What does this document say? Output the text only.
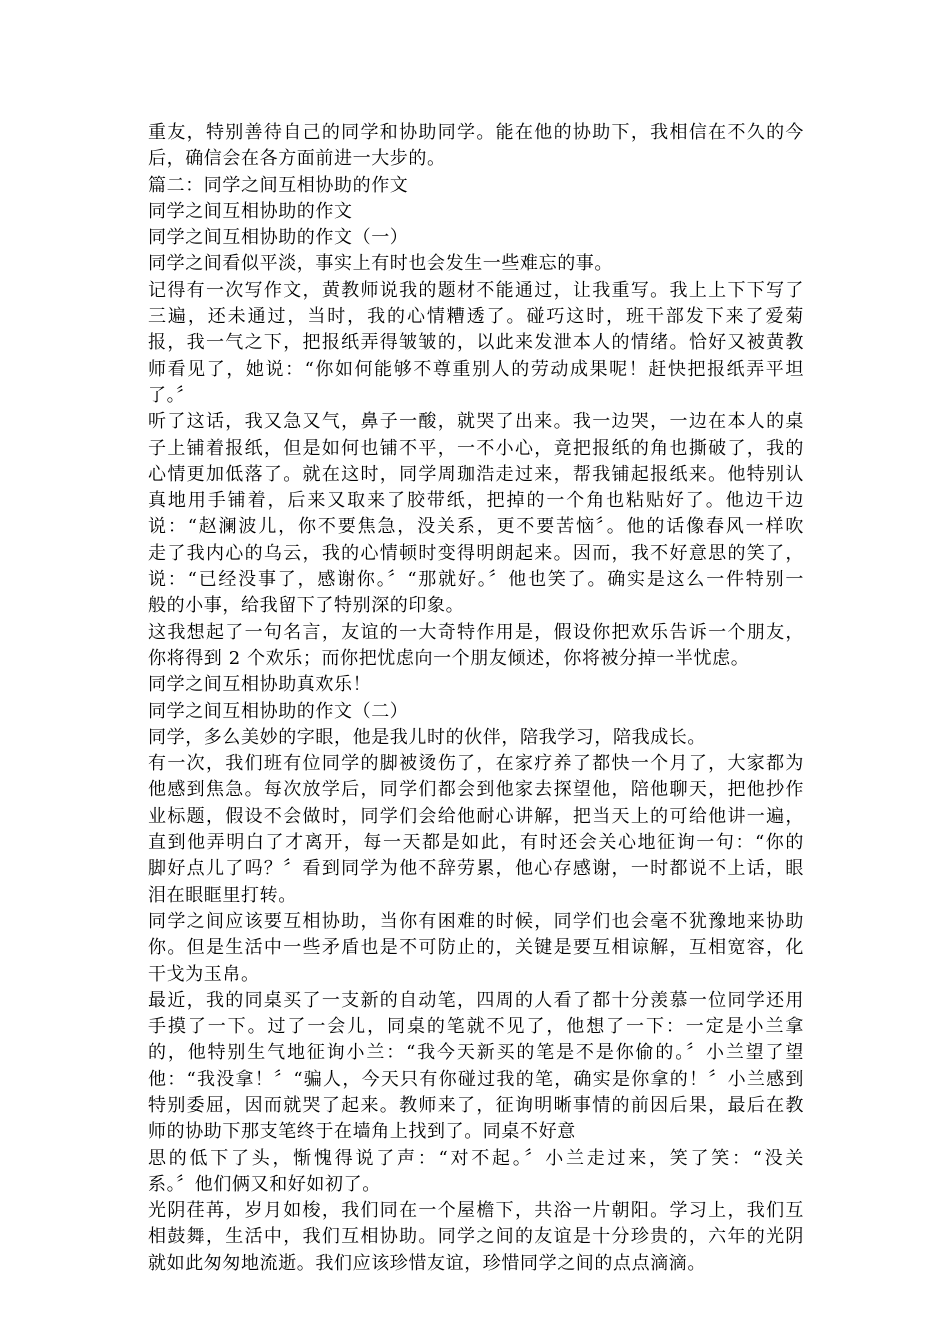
重友，特别善待自己的同学和协助同学。能在他的协助下，我相信在不久的今
后，确信会在各方面前进一大步的。
篇二：同学之间互相协助的作文
同学之间互相协助的作文
同学之间互相协助的作文（一）
同学之间看似平淡，事实上有时也会发生一些难忘的事。
记得有一次写作文，黄教师说我的题材不能通过，让我重写。我上上下下写了
三遍，还未通过，当时，我的心情糟透了。碰巧这时，班干部发下来了爱菊
报，我一气之下，把报纸弄得皱皱的，以此来发泄本人的情绪。恰好又被黄教
师看见了，她说：“你如何能够不尊重别人的劳动成果呢！赶快把报纸弄平坦
了。〞
听了这话，我又急又气，鼻子一酸，就哭了出来。我一边哭，一边在本人的桌
子上铺着报纸，但是如何也铺不平，一不小心，竟把报纸的角也撕破了，我的
心情更加低落了。就在这时，同学周珈浩走过来，帮我铺起报纸来。他特别认
真地用手铺着，后来又取来了胶带纸，把掉的一个角也粘贴好了。他边干边
说：“赵澜波儿，你不要焦急，没关系，更不要苦恼〞。他的话像春风一样吹
走了我内心的乌云，我的心情顿时变得明朗起来。因而，我不好意思的笑了，
说：“已经没事了，感谢你。〞“那就好。〞他也笑了。确实是这么一件特别一
般的小事，给我留下了特别深的印象。
这我想起了一句名言，友谊的一大奇特作用是，假设你把欢乐告诉一个朋友，
你将得到 2 个欢乐；而你把忧虑向一个朋友倾述，你将被分掉一半忧虑。
同学之间互相协助真欢乐！
同学之间互相协助的作文（二）
同学，多么美妙的字眼，他是我儿时的伙伴，陪我学习，陪我成长。
有一次，我们班有位同学的脚被烫伤了，在家疗养了都快一个月了，大家都为
他感到焦急。每次放学后，同学们都会到他家去探望他，陪他聊天，把他抄作
业标题，假设不会做时，同学们会给他耐心讲解，把当天上的可给他讲一遍，
直到他弄明白了才离开，每一天都是如此，有时还会关心地征询一句：“你的
脚好点儿了吗？〞看到同学为他不辞劳累，他心存感谢，一时都说不上话，眼
泪在眼眶里打转。
同学之间应该要互相协助，当你有困难的时候，同学们也会毫不犹豫地来协助
你。但是生活中一些矛盾也是不可防止的，关键是要互相谅解，互相宽容，化
干戈为玉帛。
最近，我的同桌买了一支新的自动笔，四周的人看了都十分羡慕一位同学还用
手摸了一下。过了一会儿，同桌的笔就不见了，他想了一下：一定是小兰拿
的，他特别生气地征询小兰：“我今天新买的笔是不是你偷的。〞小兰望了望
他：“我没拿！〞“骗人，今天只有你碰过我的笔，确实是你拿的！〞小兰感到
特别委屈，因而就哭了起来。教师来了，征询明晰事情的前因后果，最后在教
师的协助下那支笔终于在墙角上找到了。同桌不好意
思的低下了头，惭愧得说了声：“对不起。〞小兰走过来，笑了笑：“没关
系。〞他们俩又和好如初了。
光阴荏苒，岁月如梭，我们同在一个屋檐下，共浴一片朝阳。学习上，我们互
相鼓舞，生活中，我们互相协助。同学之间的友谊是十分珍贵的，六年的光阴
就如此匆匆地流逝。我们应该珍惜友谊，珍惜同学之间的点点滴滴。
